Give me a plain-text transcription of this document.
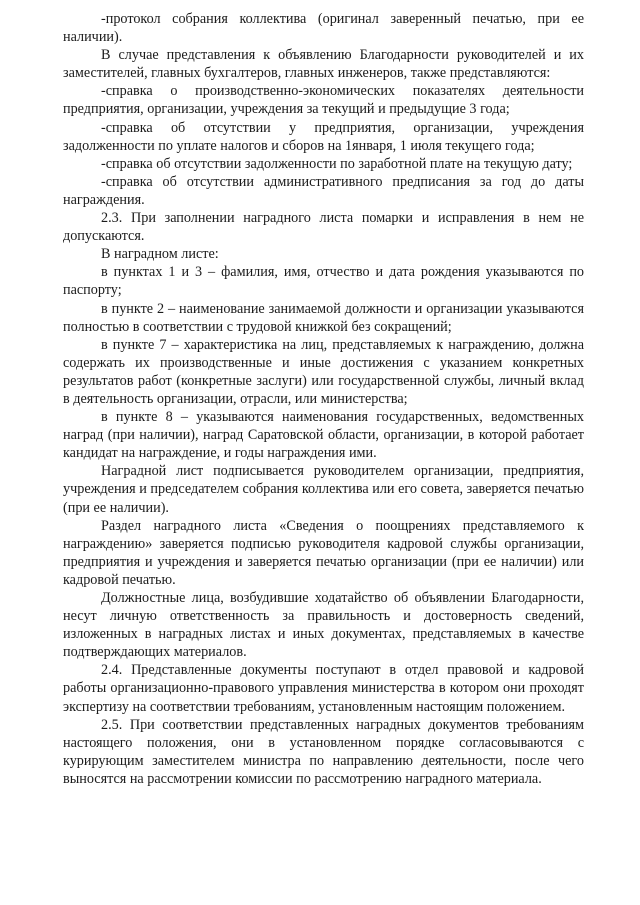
-протокол собрания коллектива (оригинал заверенный печатью, при ее наличии).

В случае представления к объявлению Благодарности руководителей и их заместителей, главных бухгалтеров, главных инженеров, также представляются:

-справка о производственно-экономических показателях деятельности предприятия, организации, учреждения за текущий и предыдущие 3 года;

-справка об отсутствии у предприятия, организации, учреждения задолженности по уплате налогов и сборов на 1января, 1 июля текущего года;

-справка об отсутствии задолженности по заработной плате на текущую дату;

-справка об отсутствии административного предписания за год до даты награждения.

2.3. При заполнении наградного листа помарки и исправления в нем не допускаются.

В наградном листе:

в пунктах 1 и 3 – фамилия, имя, отчество и дата рождения указываются по паспорту;

в пункте 2 – наименование занимаемой должности и организации указываются полностью в соответствии с трудовой книжкой без сокращений;

в пункте 7 – характеристика на лиц, представляемых к награждению, должна содержать их производственные и иные достижения с указанием конкретных результатов работ (конкретные заслуги) или государственной службы, личный вклад в деятельность организации, отрасли, или министерства;

в пункте 8 – указываются наименования государственных, ведомственных наград (при наличии), наград Саратовской области, организации, в которой работает кандидат на награждение, и годы награждения ими.

Наградной лист подписывается руководителем организации, предприятия, учреждения и председателем собрания коллектива или его совета, заверяется печатью (при ее наличии).

Раздел наградного листа «Сведения о поощрениях представляемого к награждению» заверяется подписью руководителя кадровой службы организации, предприятия и учреждения и заверяется печатью организации (при ее наличии) или кадровой печатью.

Должностные лица, возбудившие ходатайство об объявлении Благодарности, несут личную ответственность за правильность и достоверность сведений, изложенных в наградных листах и иных документах, представляемых в качестве подтверждающих материалов.

2.4. Представленные документы поступают в отдел правовой и кадровой работы организационно-правового управления министерства в котором они проходят экспертизу на соответствии требованиям, установленным настоящим положением.

2.5. При соответствии представленных наградных документов требованиям настоящего положения, они в установленном порядке согласовываются с курирующим заместителем министра по направлению деятельности, после чего выносятся на рассмотрении комиссии по рассмотрению наградного материала.
